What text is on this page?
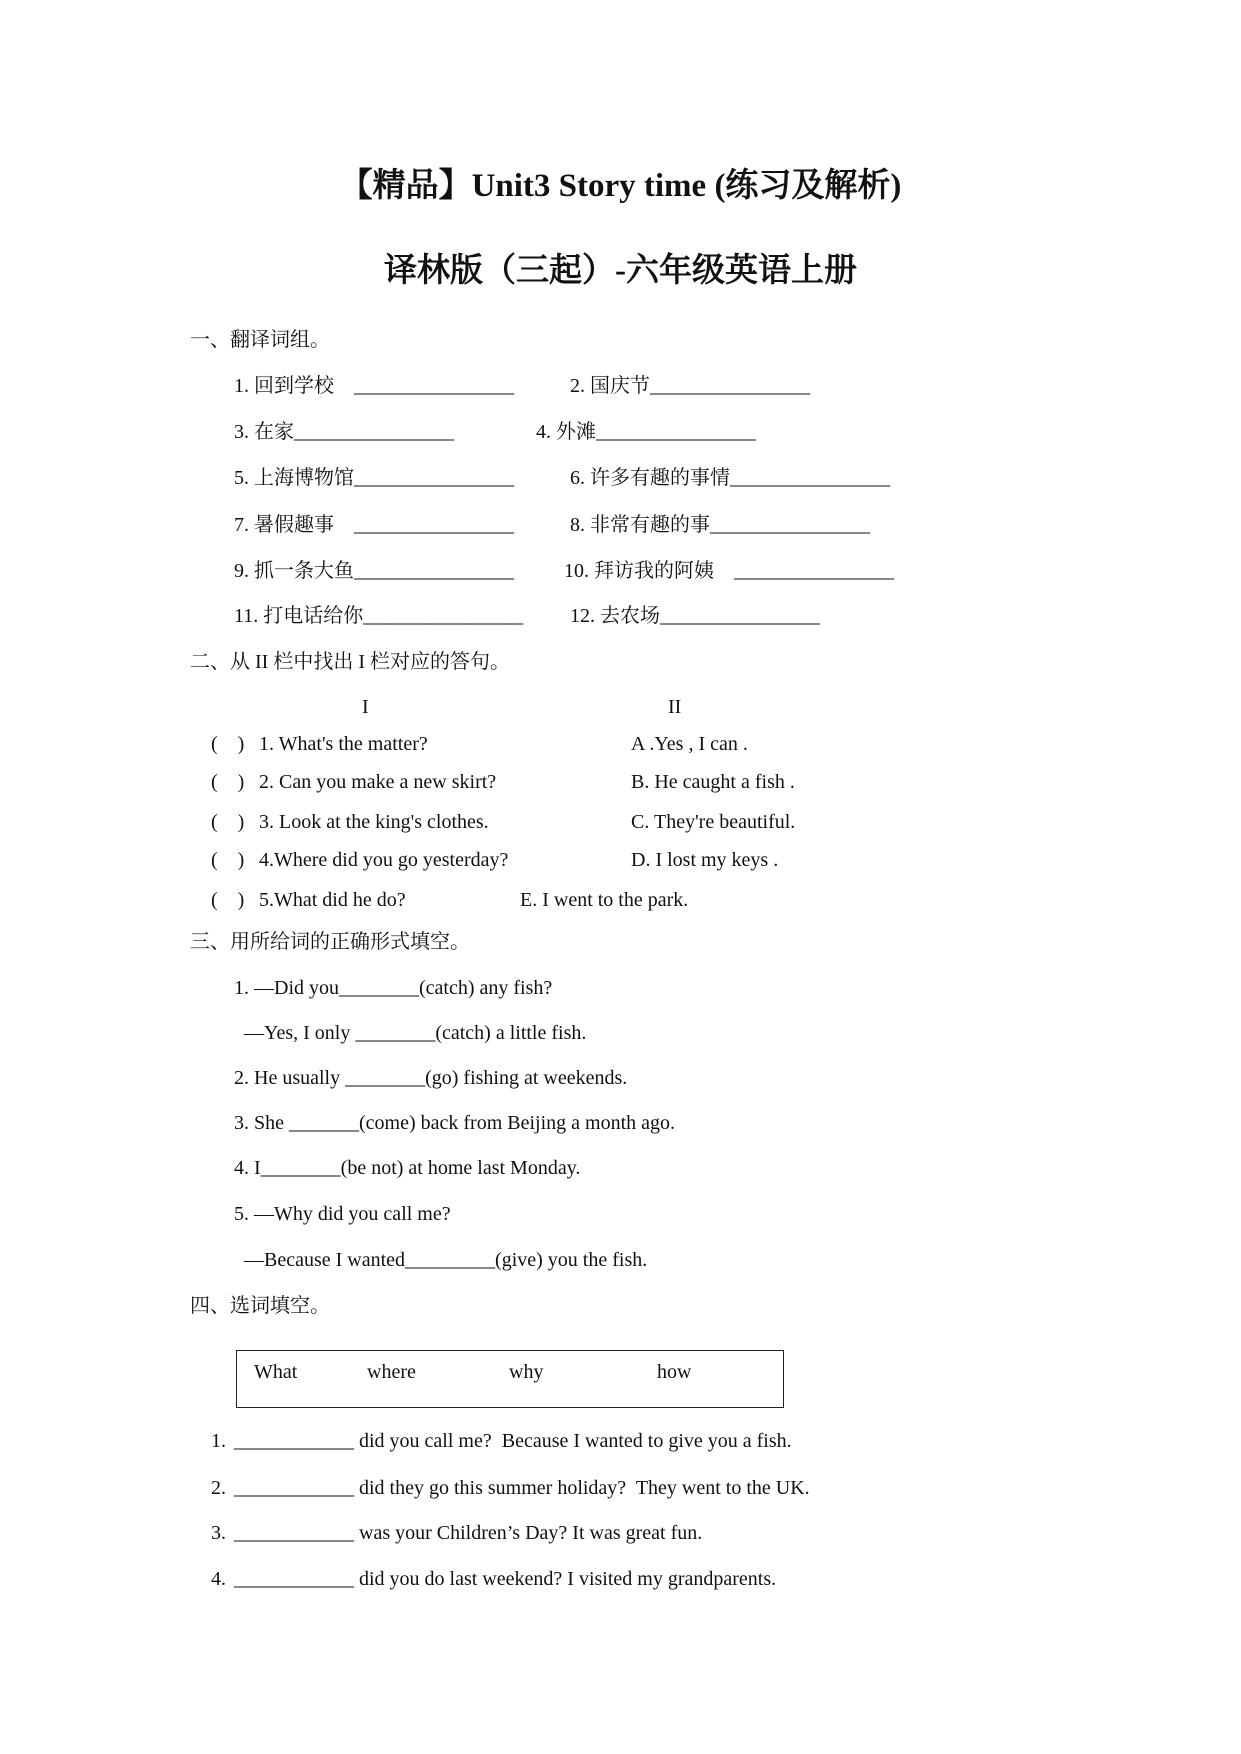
【精品】Unit3 Story time (练习及解析)
译林版（三起）-六年级英语上册
一、翻译词组。
1. 回到学校    ________________	2. 国庆节________________
3. 在家________________	4. 外滩________________
5. 上海博物馆________________	6. 许多有趣的事情________________
7. 暑假趣事    ________________	8. 非常有趣的事________________
9. 抓一条大鱼________________	10. 拜访我的阿姨    ________________
11. 打电话给你________________ 12. 去农场________________
二、从 II 栏中找出 I 栏对应的答句。
I	II
(    ) 1. What's the matter?	A .Yes , I can .
(    ) 2. Can you make a new skirt?	B. He caught a fish .
(    ) 3. Look at the king's clothes.	C. They're beautiful.
(    ) 4.Where did you go yesterday?	D. I lost my keys .
(    ) 5.What did he do?	E. I went to the park.
三、用所给词的正确形式填空。
1. —Did you________(catch) any fish?
—Yes, I only ________(catch) a little fish.
2. He usually ________(go) fishing at weekends.
3. She _______(come) back from Beijing a month ago.
4. I________(be not) at home last Monday.
5. —Why did you call me?
—Because I wanted_________(give) you the fish.
四、选词填空。
What	where	why	how
1. ____________ did you call me?  Because I wanted to give you a fish.
2. ____________ did they go this summer holiday?  They went to the UK.
3. ____________ was your Children’s Day? It was great fun.
4. ____________ did you do last weekend? I visited my grandparents.
